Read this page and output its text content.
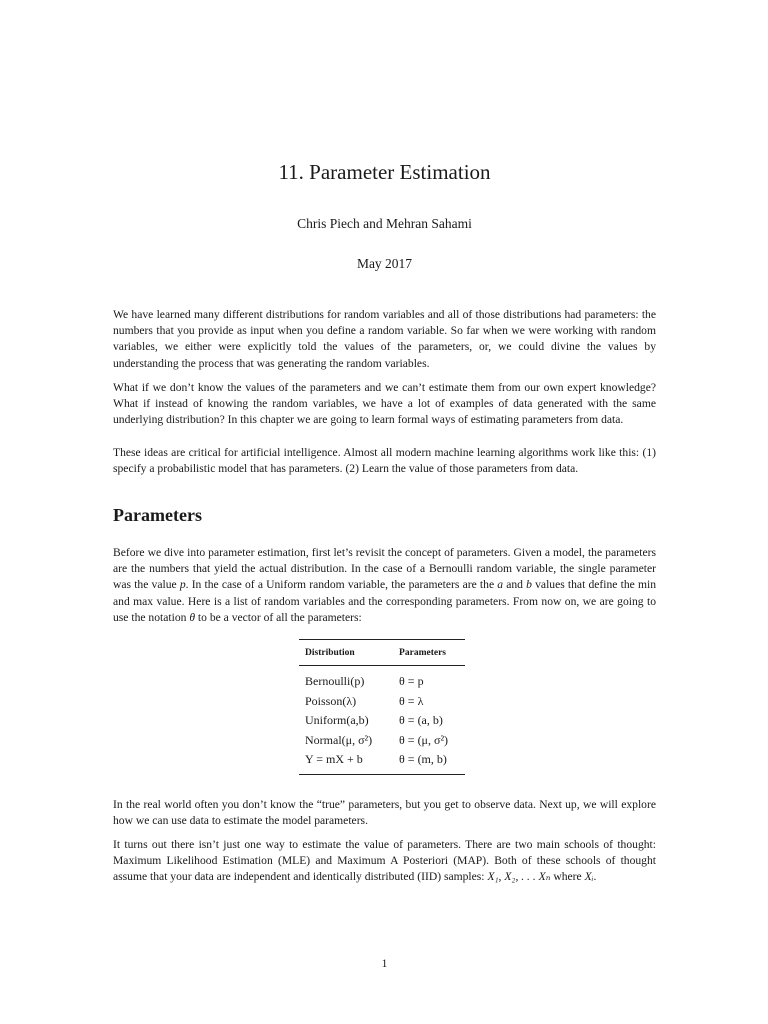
11. Parameter Estimation
Chris Piech and Mehran Sahami
May 2017

We have learned many different distributions for random variables and all of those distributions had parameters: the numbers that you provide as input when you define a random variable. So far when we were working with random variables, we either were explicitly told the values of the parameters, or, we could divine the values by understanding the process that was generating the random variables.

What if we don’t know the values of the parameters and we can’t estimate them from our own expert knowledge? What if instead of knowing the random variables, we have a lot of examples of data generated with the same underlying distribution? In this chapter we are going to learn formal ways of estimating parameters from data.

These ideas are critical for artificial intelligence. Almost all modern machine learning algorithms work like this: (1) specify a probabilistic model that has parameters. (2) Learn the value of those parameters from data.

Parameters

Before we dive into parameter estimation, first let’s revisit the concept of parameters. Given a model, the parameters are the numbers that yield the actual distribution. In the case of a Bernoulli random variable, the single parameter was the value p. In the case of a Uniform random variable, the parameters are the a and b values that define the min and max value. Here is a list of random variables and the corresponding parameters. From now on, we are going to use the notation θ to be a vector of all the parameters:

Distribution	Parameters
Bernoulli(p)	θ = p
Poisson(λ)	θ = λ
Uniform(a,b)	θ = (a, b)
Normal(μ, σ²)	θ = (μ, σ²)
Y = mX + b	θ = (m, b)

In the real world often you don’t know the “true” parameters, but you get to observe data. Next up, we will explore how we can use data to estimate the model parameters.

It turns out there isn’t just one way to estimate the value of parameters. There are two main schools of thought: Maximum Likelihood Estimation (MLE) and Maximum A Posteriori (MAP). Both of these schools of thought assume that your data are independent and identically distributed (IID) samples: X₁, X₂, . . . Xₙ where Xᵢ.

1
